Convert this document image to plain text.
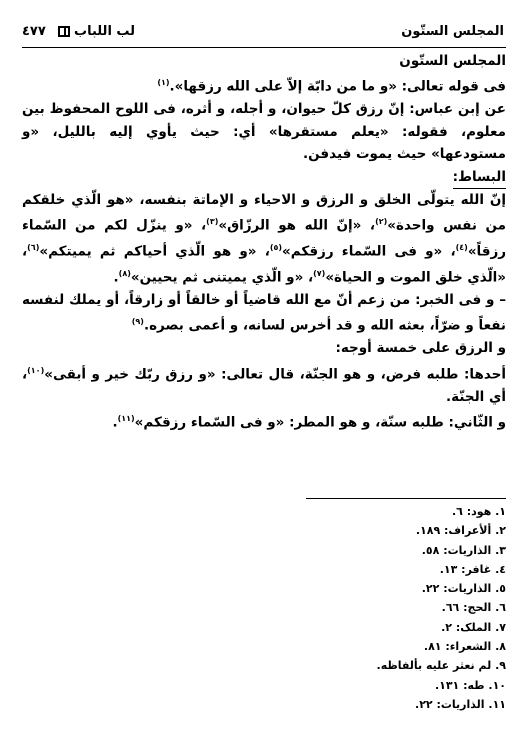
المجلس الستّون
لب اللباب
٤٧٧

المجلس الستّون

فى قوله تعالى: «و ما من دابّة إلاّ على الله رزقها».$^{(١)}$

عن إبن عباس: إنّ رزق كلّ حيوان، و أجله، و أثره، فى اللوح المحفوظ بين معلوم، فقوله: «يعلم مستقرها» أي: حيث يأوي إليه بالليل، «و مستودعها» حيث يموت فيدفن.

البساط:

إنّ الله يتولّى الخلق و الرزق و الاحياء و الإماتة بنفسه، «هو الّذي خلقكم من نفس واحدة»$^{(٢)}$، «إنّ الله هو الرزّاق»$^{(٣)}$، «و ينزّل لكم من السّماء رزقاً»$^{(٤)}$، «و فى السّماء رزقكم»$^{(٥)}$، «و هو الّذي أحياكم ثم يميتكم»$^{(٦)}$، «الّذي خلق الموت و الحياة»$^{(٧)}$، «و الّذي يميتنى ثم يحيين»$^{(٨)}$.

– و فى الخبر: من زعم أنّ مع الله قاضياً أو خالقاً أو زارقاً، أو يملك لنفسه نفعاً و ضرّاً، بعثه الله و قد أخرس لسانه، و أعمى بصره.$^{(٩)}$

و الرزق على خمسة أوجه:

أحدها: طلبه فرض، و هو الجنّة، قال تعالى: «و رزق ربّك خير و أبقى»$^{(١٠)}$، أي الجنّة.

و الثّاني: طلبه سنّة، و هو المطر: «و فى السّماء رزقكم»$^{(١١)}$.

١. هود: ٦.
٢. ألأعراف: ١٨٩.
٣. الذاريات: ٥٨.
٤. غافر: ١٣.
٥. الذاريات: ٢٢.
٦. الحج: ٦٦.
٧. الملک: ٢.
٨. الشعراء: ٨١.
٩. لم نعثر عليه بألفاظه.
١٠. طه: ١٣١.
١١. الذاريات: ٢٢.
